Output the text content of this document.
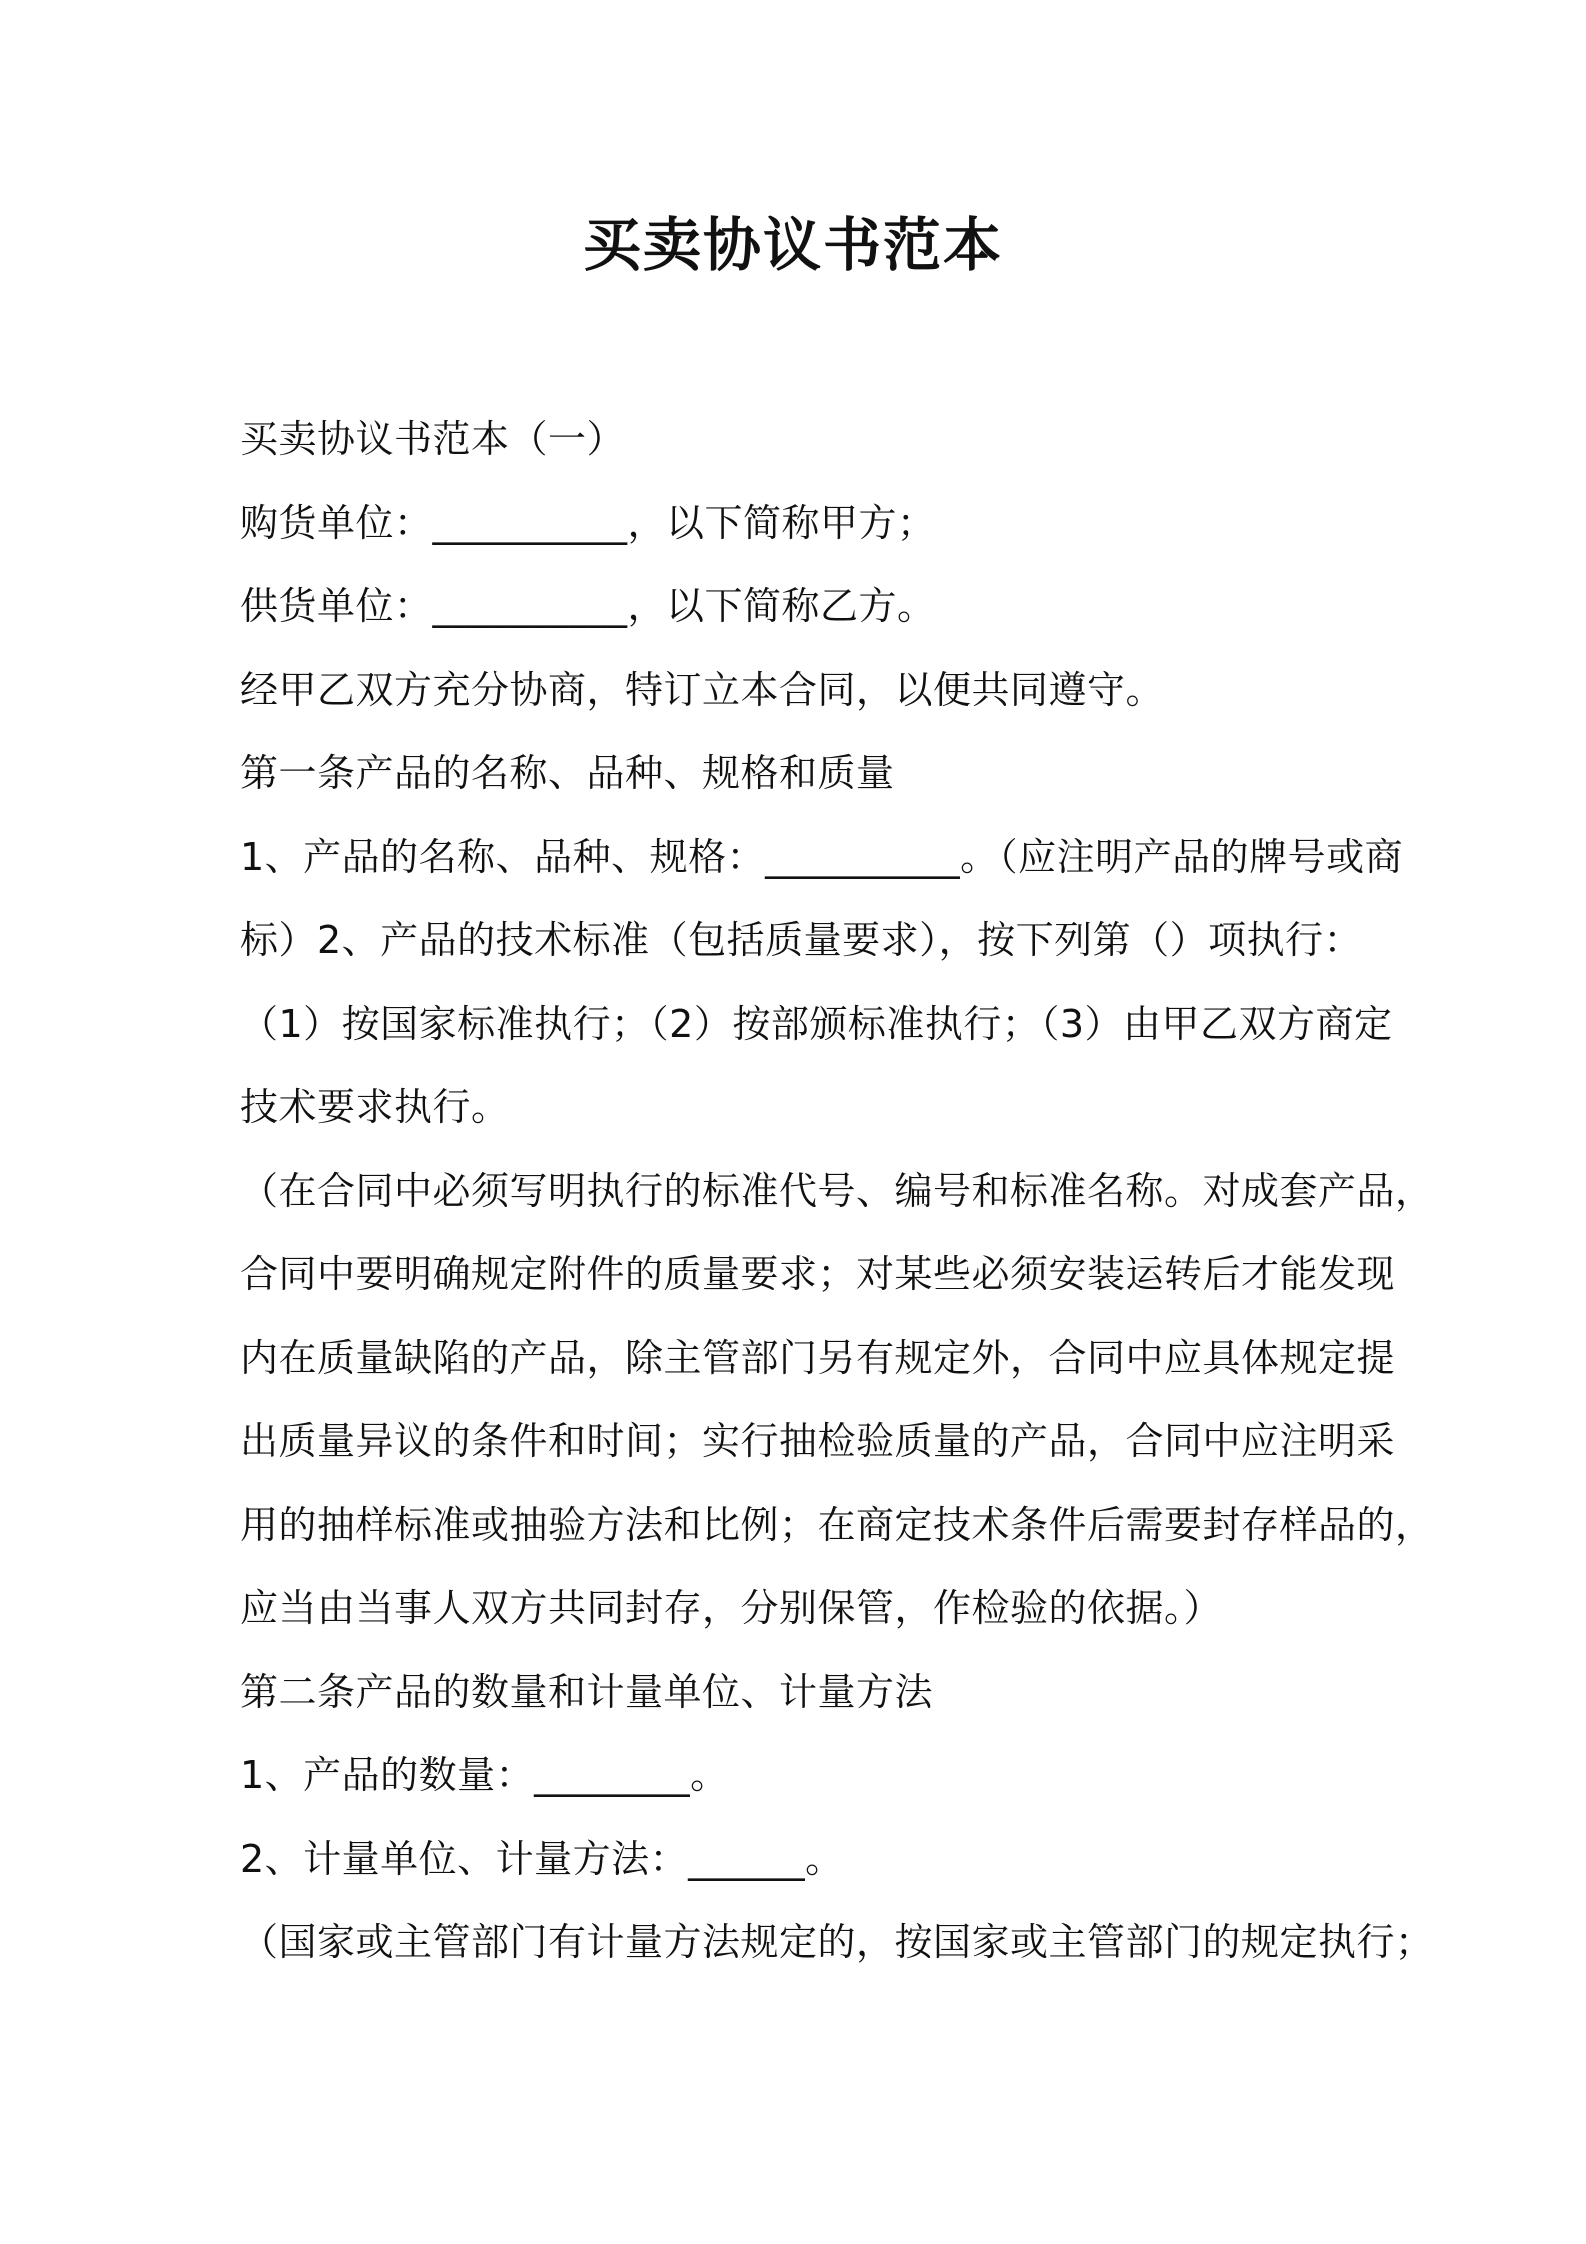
买卖协议书范本
买卖协议书范本（一）
购货单位：__________，以下简称甲方；
供货单位：__________，以下简称乙方。
经甲乙双方充分协商，特订立本合同，以便共同遵守。
第一条产品的名称、品种、规格和质量
1、产品的名称、品种、规格：__________。（应注明产品的牌号或商
标）2、产品的技术标准（包括质量要求），按下列第（）项执行：
（1）按国家标准执行；（2）按部颁标准执行；（3）由甲乙双方商定
技术要求执行。
（在合同中必须写明执行的标准代号、编号和标准名称。对成套产品，
合同中要明确规定附件的质量要求；对某些必须安装运转后才能发现
内在质量缺陷的产品，除主管部门另有规定外，合同中应具体规定提
出质量异议的条件和时间；实行抽检验质量的产品，合同中应注明采
用的抽样标准或抽验方法和比例；在商定技术条件后需要封存样品的，
应当由当事人双方共同封存，分别保管，作检验的依据。）
第二条产品的数量和计量单位、计量方法
1、产品的数量：________。
2、计量单位、计量方法：______。
（国家或主管部门有计量方法规定的，按国家或主管部门的规定执行；
